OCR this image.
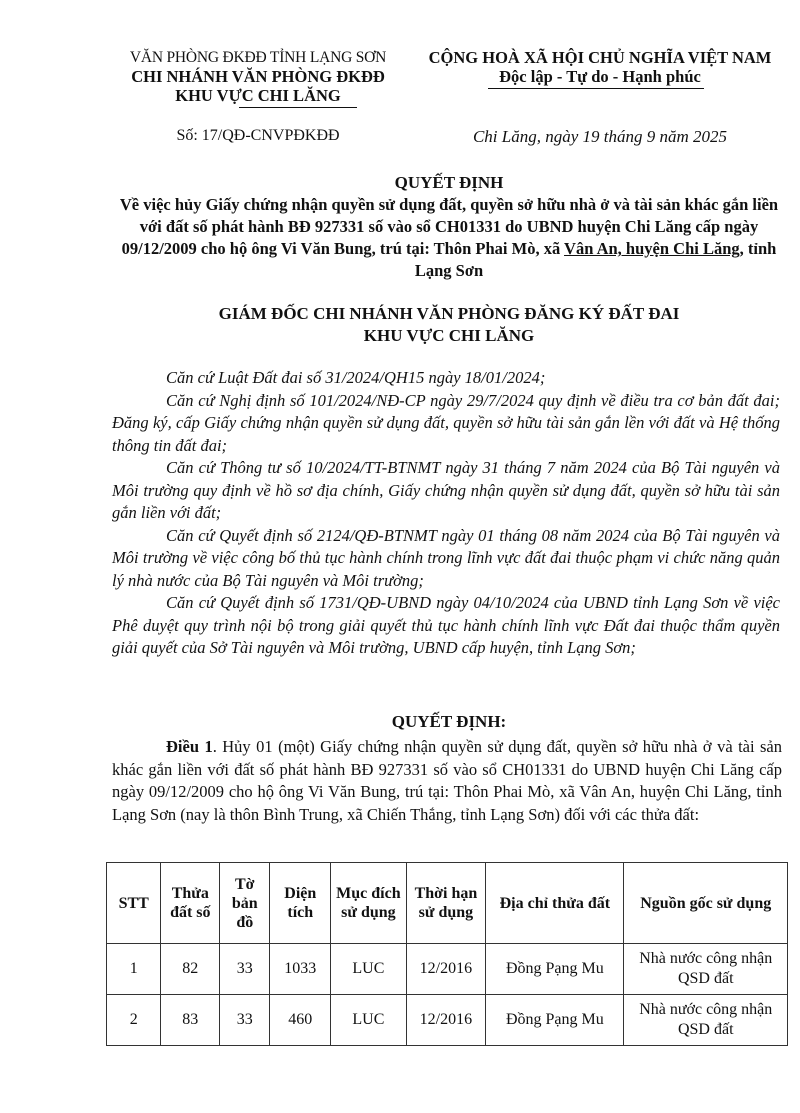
VĂN PHÒNG ĐKĐĐ TỈNH LẠNG SƠN
CHI NHÁNH VĂN PHÒNG ĐKĐĐ
KHU VỰC CHI LĂNG
CỘNG HOÀ XÃ HỘI CHỦ NGHĨA VIỆT NAM
Độc lập - Tự do - Hạnh phúc
Số: 17/QĐ-CNVPĐKĐĐ	Chi Lăng, ngày 19 tháng 9 năm 2025
QUYẾT ĐỊNH
Về việc hủy Giấy chứng nhận quyền sử dụng đất, quyền sở hữu nhà ở và tài sản khác gắn liền với đất số phát hành BĐ 927331 số vào sổ CH01331 do UBND huyện Chi Lăng cấp ngày 09/12/2009 cho hộ ông Vi Văn Bung, trú tại: Thôn Phai Mò, xã Vân An, huyện Chi Lăng, tỉnh Lạng Sơn
GIÁM ĐỐC CHI NHÁNH VĂN PHÒNG ĐĂNG KÝ ĐẤT ĐAI
KHU VỰC CHI LĂNG

Căn cứ Luật Đất đai số 31/2024/QH15 ngày 18/01/2024;

Căn cứ Nghị định số 101/2024/NĐ-CP ngày 29/7/2024 quy định về điều tra cơ bản đất đai; Đăng ký, cấp Giấy chứng nhận quyền sử dụng đất, quyền sở hữu tài sản gắn lền với đất và Hệ thống thông tin đất đai;

Căn cứ Thông tư số 10/2024/TT-BTNMT ngày 31 tháng 7 năm 2024 của Bộ Tài nguyên và Môi trường quy định về hồ sơ địa chính, Giấy chứng nhận quyền sử dụng đất, quyền sở hữu tài sản gắn liền với đất;

Căn cứ Quyết định số 2124/QĐ-BTNMT ngày 01 tháng 08 năm 2024 của Bộ Tài nguyên và Môi trường về việc công bố thủ tục hành chính trong lĩnh vực đất đai thuộc phạm vi chức năng quản lý nhà nước của Bộ Tài nguyên và Môi trường;

Căn cứ Quyết định số 1731/QĐ-UBND ngày 04/10/2024 của UBND tỉnh Lạng Sơn về việc Phê duyệt quy trình nội bộ trong giải quyết thủ tục hành chính lĩnh vực Đất đai thuộc thẩm quyền giải quyết của Sở Tài nguyên và Môi trường, UBND cấp huyện, tỉnh Lạng Sơn;

QUYẾT ĐỊNH:

Điều 1. Hủy 01 (một) Giấy chứng nhận quyền sử dụng đất, quyền sở hữu nhà ở và tài sản khác gắn liền với đất số phát hành BĐ 927331 số vào sổ CH01331 do UBND huyện Chi Lăng cấp ngày 09/12/2009 cho hộ ông Vi Văn Bung, trú tại: Thôn Phai Mò, xã Vân An, huyện Chi Lăng, tỉnh Lạng Sơn (nay là thôn Bình Trung, xã Chiến Thắng, tỉnh Lạng Sơn) đối với các thửa đất:

STT	Thửa đất số	Tờ bản đồ	Diện tích	Mục đích sử dụng	Thời hạn sử dụng	Địa chỉ thửa đất	Nguồn gốc sử dụng
1	82	33	1033	LUC	12/2016	Đồng Pạng Mu	Nhà nước công nhận QSD đất
2	83	33	460	LUC	12/2016	Đồng Pạng Mu	Nhà nước công nhận QSD đất
